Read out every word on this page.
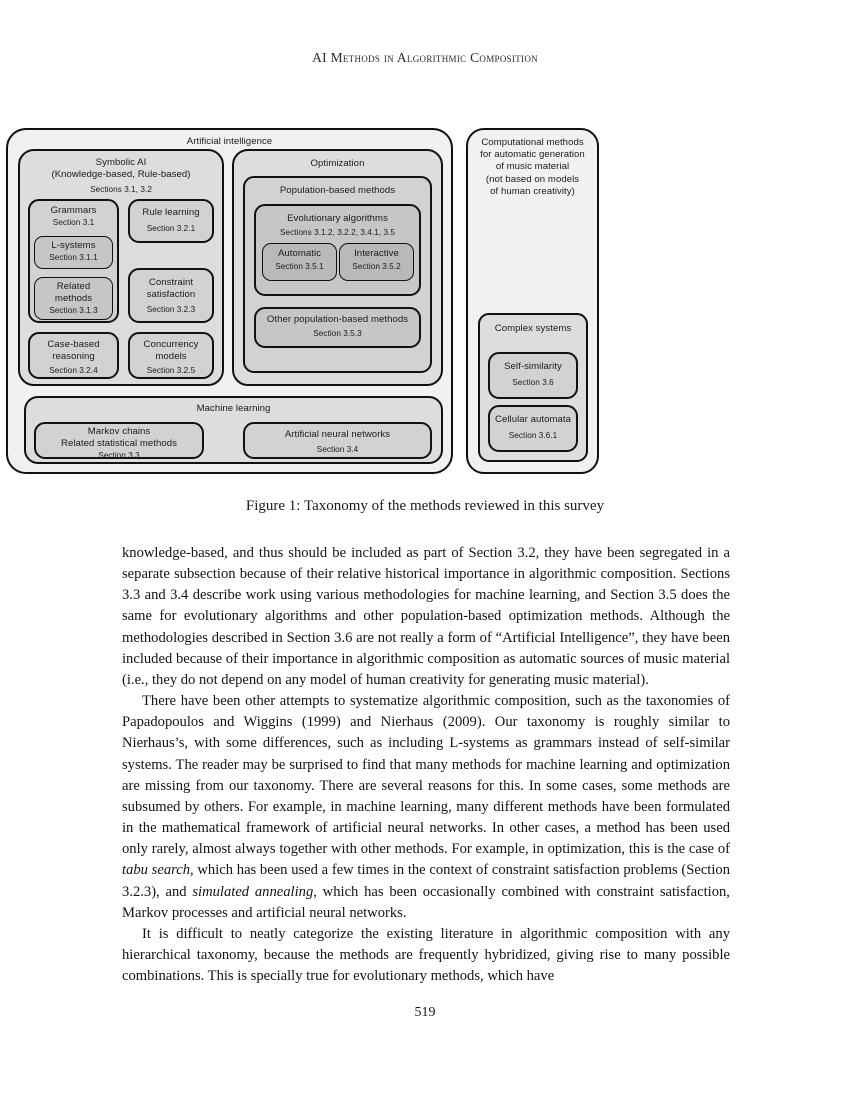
AI Methods in Algorithmic Composition
Artificial intelligence
Symbolic AI
(Knowledge-based, Rule-based)
Sections 3.1, 3.2
Grammars
Section 3.1
L-systems
Section 3.1.1
Related
methods
Section 3.1.3
Rule learning
Section 3.2.1
Constraint
satisfaction
Section 3.2.3
Case-based
reasoning
Section 3.2.4
Concurrency
models
Section 3.2.5
Optimization
Population-based methods
Evolutionary algorithms
Sections 3.1.2, 3.2.2, 3.4.1, 3.5
Automatic
Section 3.5.1
Interactive
Section 3.5.2
Other population-based methods
Section 3.5.3
Machine learning
Markov chains
Related statistical methods
Section 3.3
Artificial neural networks
Section 3.4
Computational methods
for automatic generation
of music material
(not based on models
of human creativity)
Complex systems
Self-similarity
Section 3.6
Cellular automata
Section 3.6.1
Figure 1: Taxonomy of the methods reviewed in this survey

knowledge-based, and thus should be included as part of Section 3.2, they have been segregated in a separate subsection because of their relative historical importance in algorithmic composition. Sections 3.3 and 3.4 describe work using various methodologies for machine learning, and Section 3.5 does the same for evolutionary algorithms and other population-based optimization methods. Although the methodologies described in Section 3.6 are not really a form of “Artificial Intelligence”, they have been included because of their importance in algorithmic composition as automatic sources of music material (i.e., they do not depend on any model of human creativity for generating music material).

There have been other attempts to systematize algorithmic composition, such as the taxonomies of Papadopoulos and Wiggins (1999) and Nierhaus (2009). Our taxonomy is roughly similar to Nierhaus’s, with some differences, such as including L-systems as grammars instead of self-similar systems. The reader may be surprised to find that many methods for machine learning and optimization are missing from our taxonomy. There are several reasons for this. In some cases, some methods are subsumed by others. For example, in machine learning, many different methods have been formulated in the mathematical framework of artificial neural networks. In other cases, a method has been used only rarely, almost always together with other methods. For example, in optimization, this is the case of tabu search, which has been used a few times in the context of constraint satisfaction problems (Section 3.2.3), and simulated annealing, which has been occasionally combined with constraint satisfaction, Markov processes and artificial neural networks.

It is difficult to neatly categorize the existing literature in algorithmic composition with any hierarchical taxonomy, because the methods are frequently hybridized, giving rise to many possible combinations. This is specially true for evolutionary methods, which have

519
